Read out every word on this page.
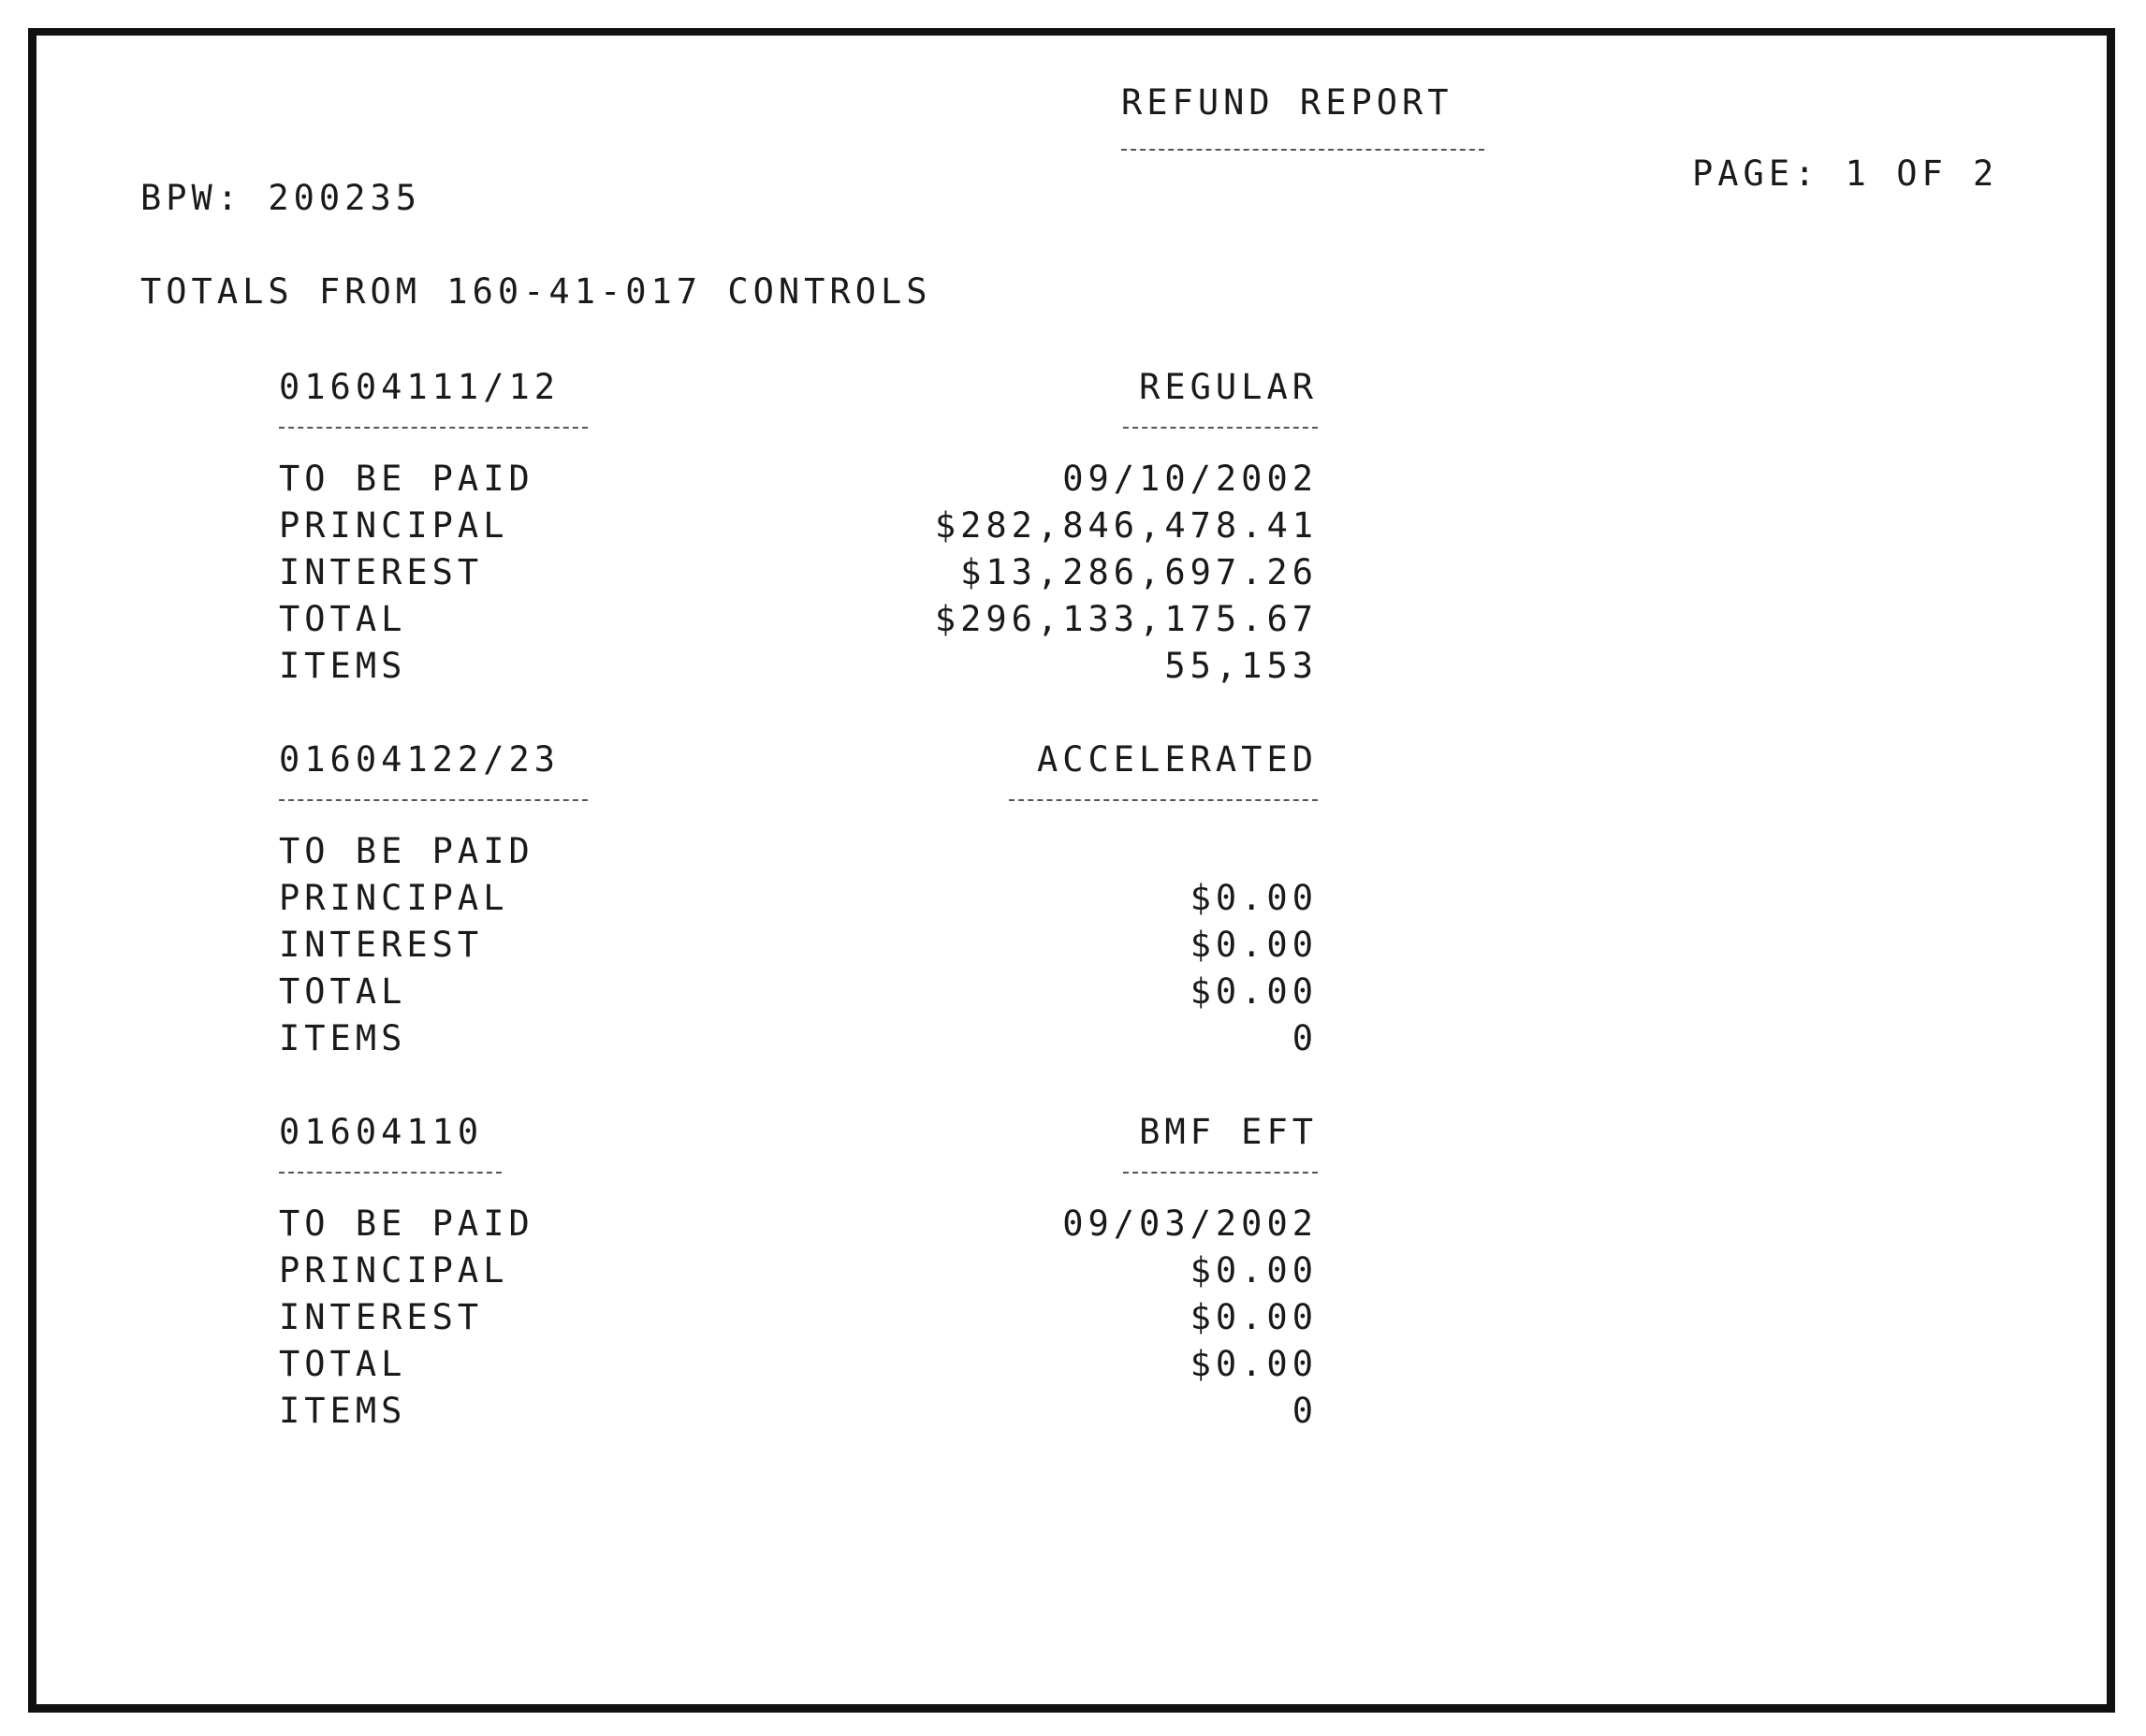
REFUND REPORT
PAGE: 1 OF 2
BPW: 200235
TOTALS FROM 160-41-017 CONTROLS
01604111/12	REGULAR
TO BE PAID	09/10/2002
PRINCIPAL	$282,846,478.41
INTEREST	$13,286,697.26
TOTAL	$296,133,175.67
ITEMS	55,153
01604122/23	ACCELERATED
TO BE PAID
PRINCIPAL	$0.00
INTEREST	$0.00
TOTAL	$0.00
ITEMS	0
01604110	BMF EFT
TO BE PAID	09/03/2002
PRINCIPAL	$0.00
INTEREST	$0.00
TOTAL	$0.00
ITEMS	0
